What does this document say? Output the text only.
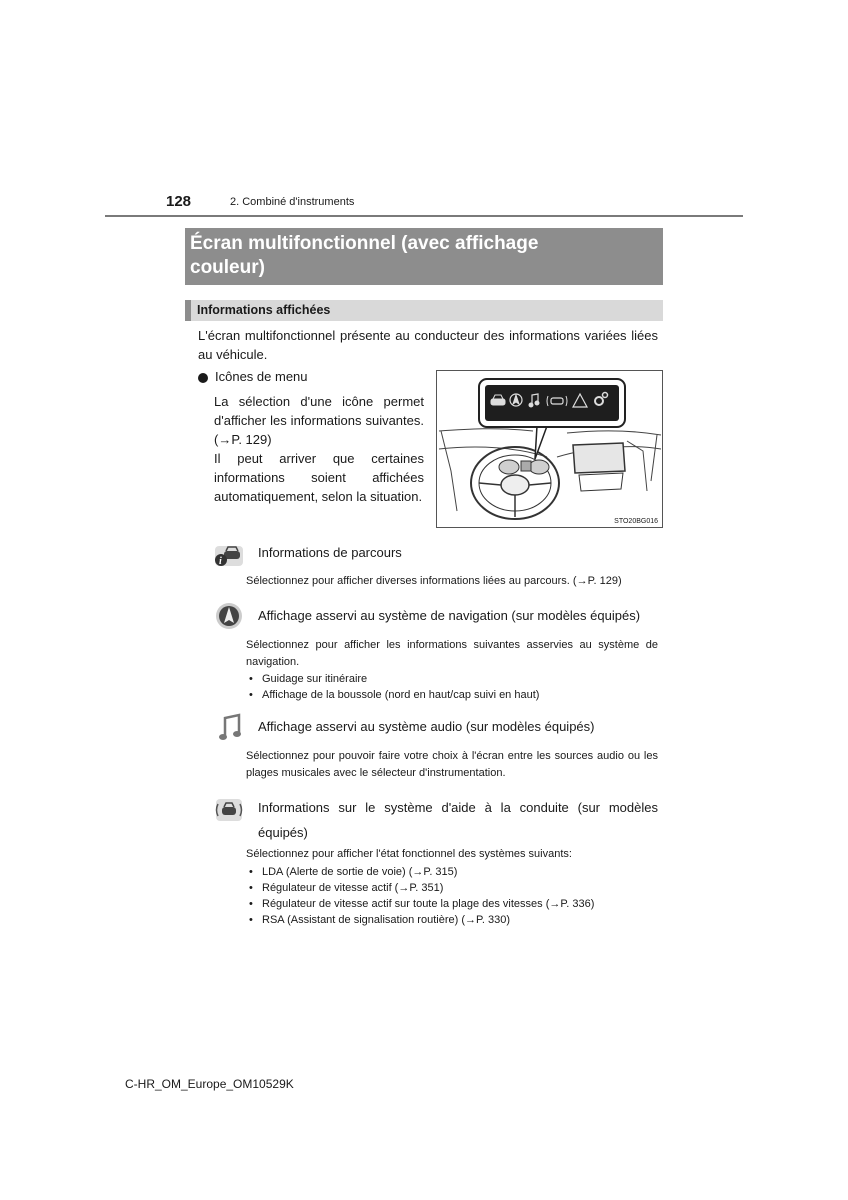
128	2. Combiné d'instruments
Écran multifonctionnel (avec affichage
couleur)
Informations affichées
L'écran multifonctionnel présente au conducteur des informations variées liées au véhicule.
Icônes de menu

La sélection d'une icône permet d'afficher les informations suivantes. (→P. 129)

Il peut arriver que certaines informations soient affichées automatiquement, selon la situation.

STO20BG016
i
Informations de parcours
Sélectionnez pour afficher diverses informations liées au parcours. (→P. 129)
Affichage asservi au système de navigation (sur modèles équipés)
Sélectionnez pour afficher les informations suivantes asservies au système de navigation.
• Guidage sur itinéraire
• Affichage de la boussole (nord en haut/cap suivi en haut)
Affichage asservi au système audio (sur modèles équipés)
Sélectionnez pour pouvoir faire votre choix à l'écran entre les sources audio ou les plages musicales avec le sélecteur d'instrumentation.
Informations sur le système d'aide à la conduite (sur modèles équipés)
Sélectionnez pour afficher l'état fonctionnel des systèmes suivants:
• LDA (Alerte de sortie de voie) (→P. 315)
• Régulateur de vitesse actif (→P. 351)
• Régulateur de vitesse actif sur toute la plage des vitesses (→P. 336)
• RSA (Assistant de signalisation routière) (→P. 330)
C-HR_OM_Europe_OM10529K
